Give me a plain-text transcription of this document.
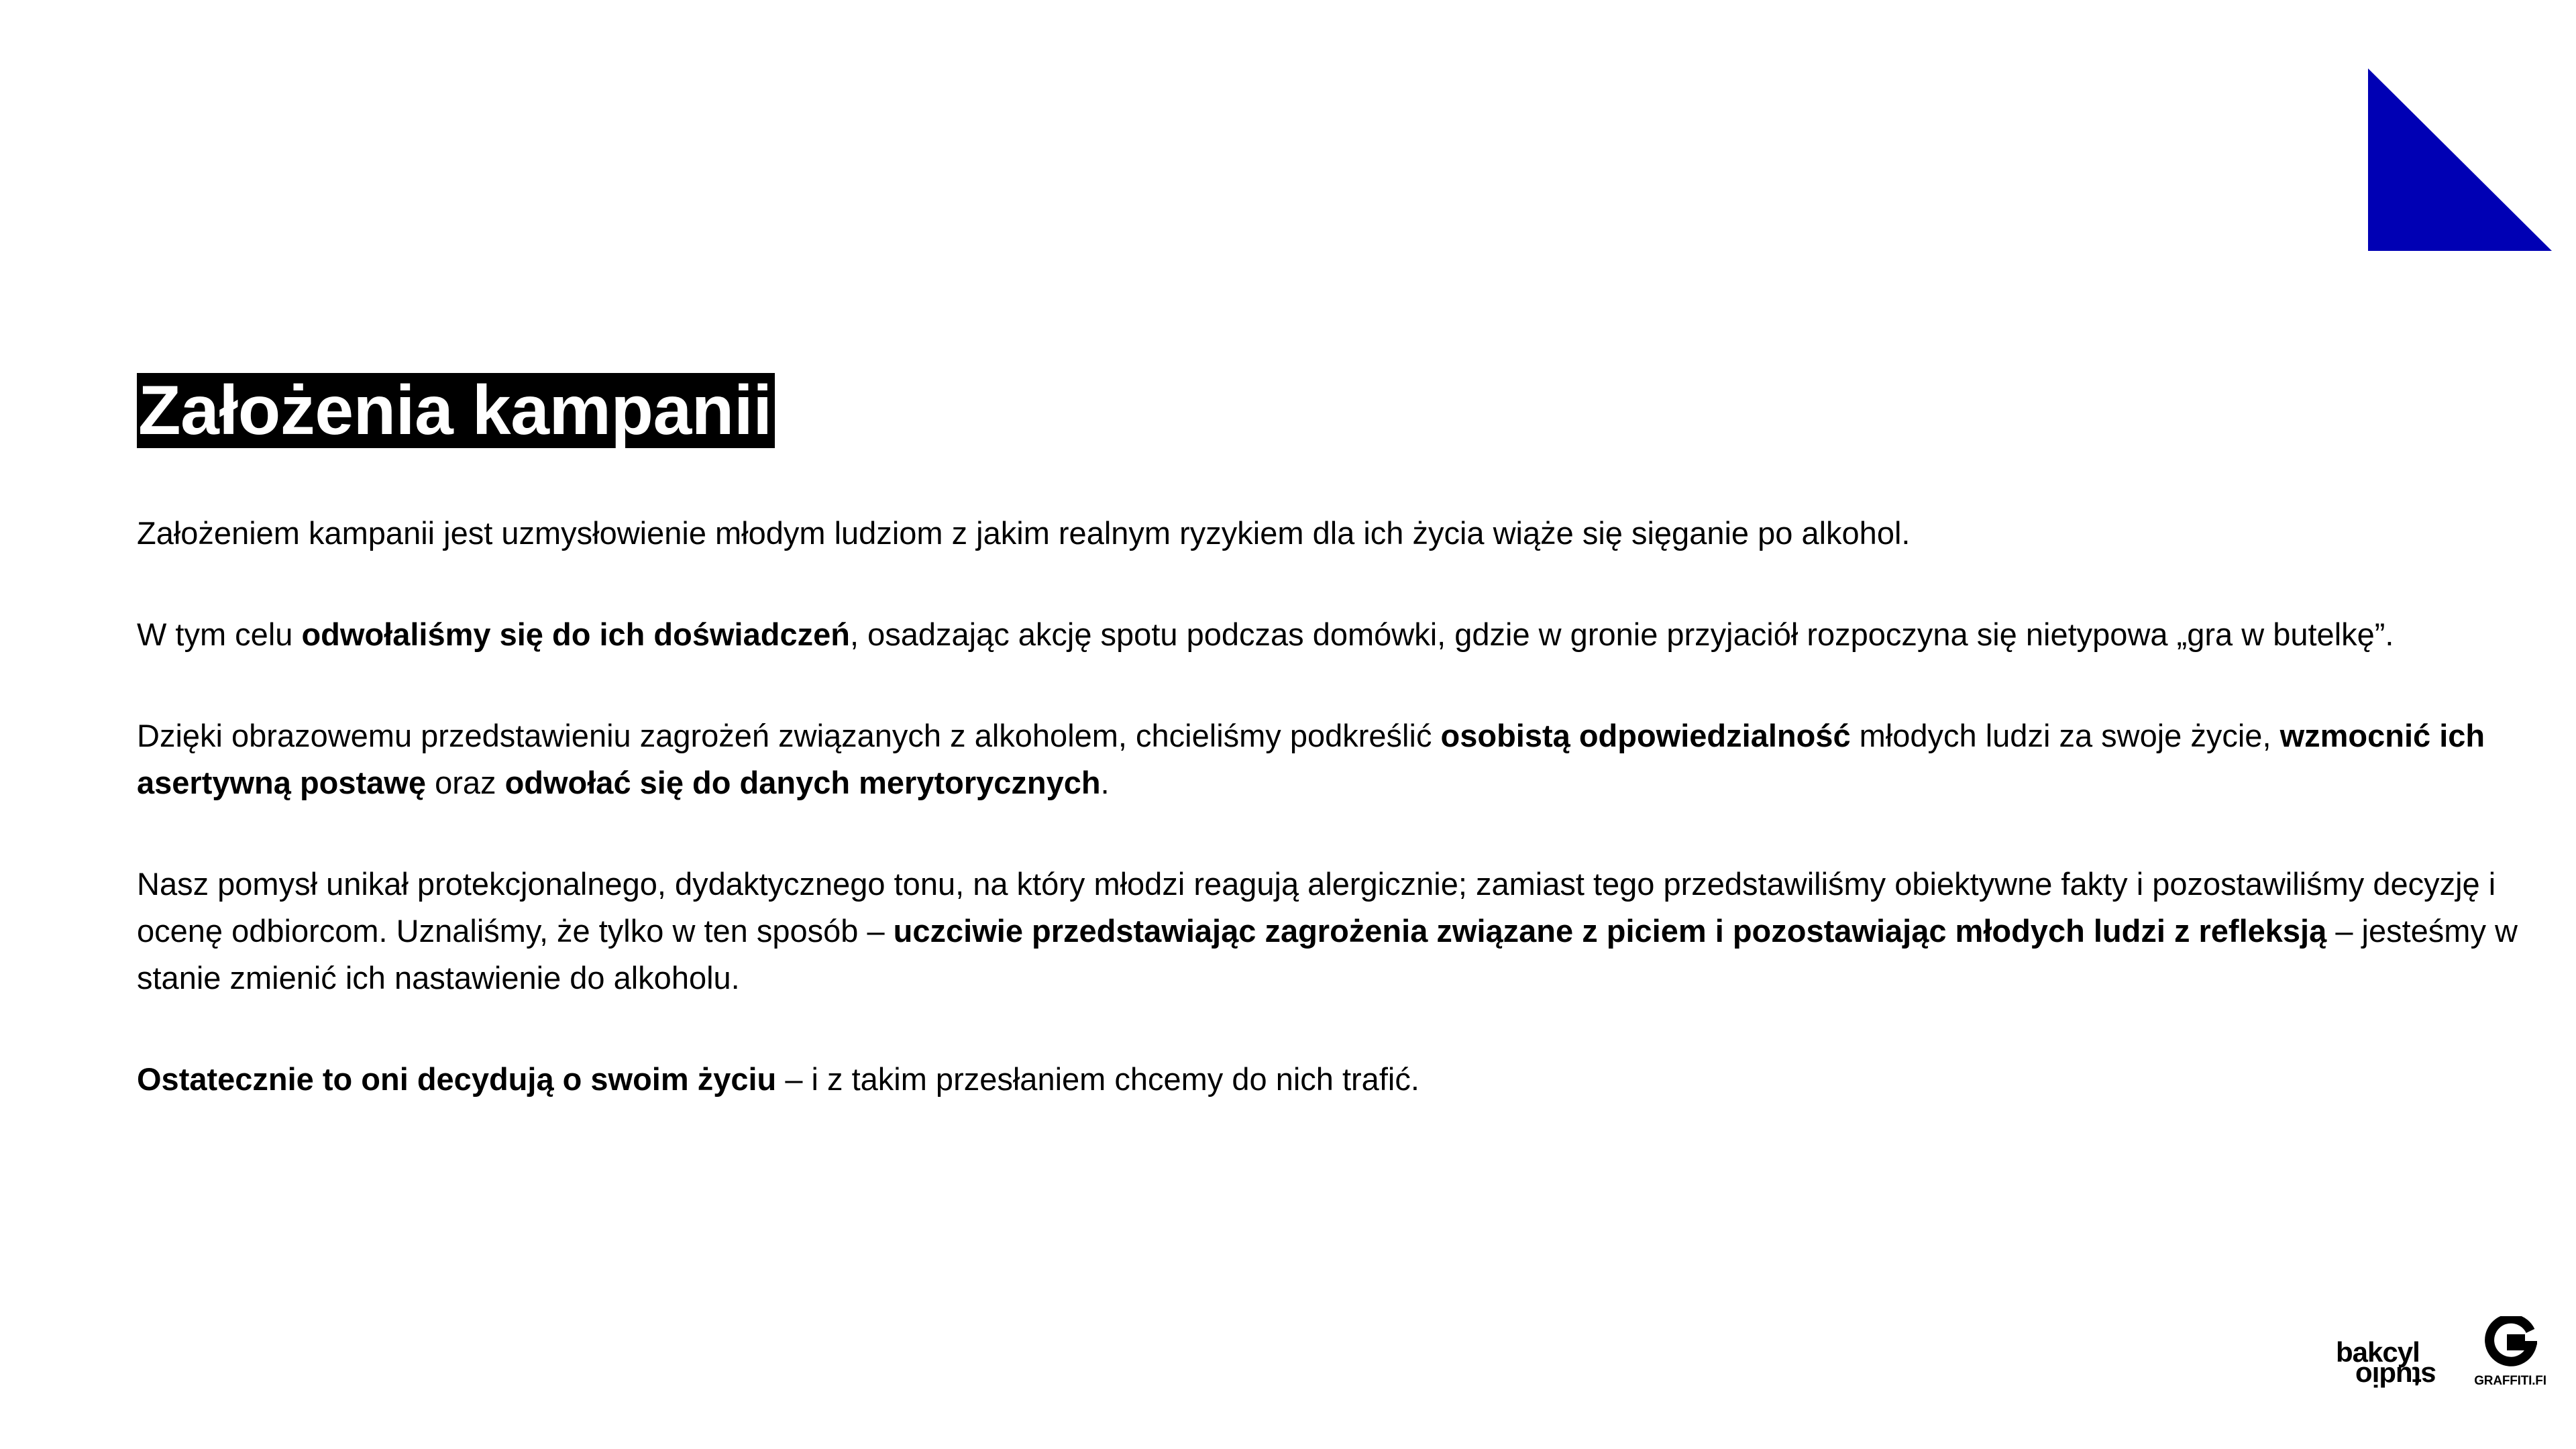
Założenia kampanii

Założeniem kampanii jest uzmysłowienie młodym ludziom z jakim realnym ryzykiem dla ich życia wiąże się sięganie po alkohol.

W tym celu odwołaliśmy się do ich doświadczeń, osadzając akcję spotu podczas domówki, gdzie w gronie przyjaciół rozpoczyna się nietypowa „gra w butelkę”.

Dzięki obrazowemu przedstawieniu zagrożeń związanych z alkoholem, chcieliśmy podkreślić osobistą odpowiedzialność młodych ludzi za swoje życie, wzmocnić ich asertywną postawę oraz odwołać się do danych merytorycznych.

Nasz pomysł unikał protekcjonalnego, dydaktycznego tonu, na który młodzi reagują alergicznie; zamiast tego przedstawiliśmy obiektywne fakty i pozostawiliśmy decyzję i ocenę odbiorcom. Uznaliśmy, że tylko w ten sposób – uczciwie przedstawiając zagrożenia związane z piciem i pozostawiając młodych ludzi z refleksją – jesteśmy w stanie zmienić ich nastawienie do alkoholu.

Ostatecznie to oni decydują o swoim życiu – i z takim przesłaniem chcemy do nich trafić.

bakcyl
studio	GRAFFITI.FI
